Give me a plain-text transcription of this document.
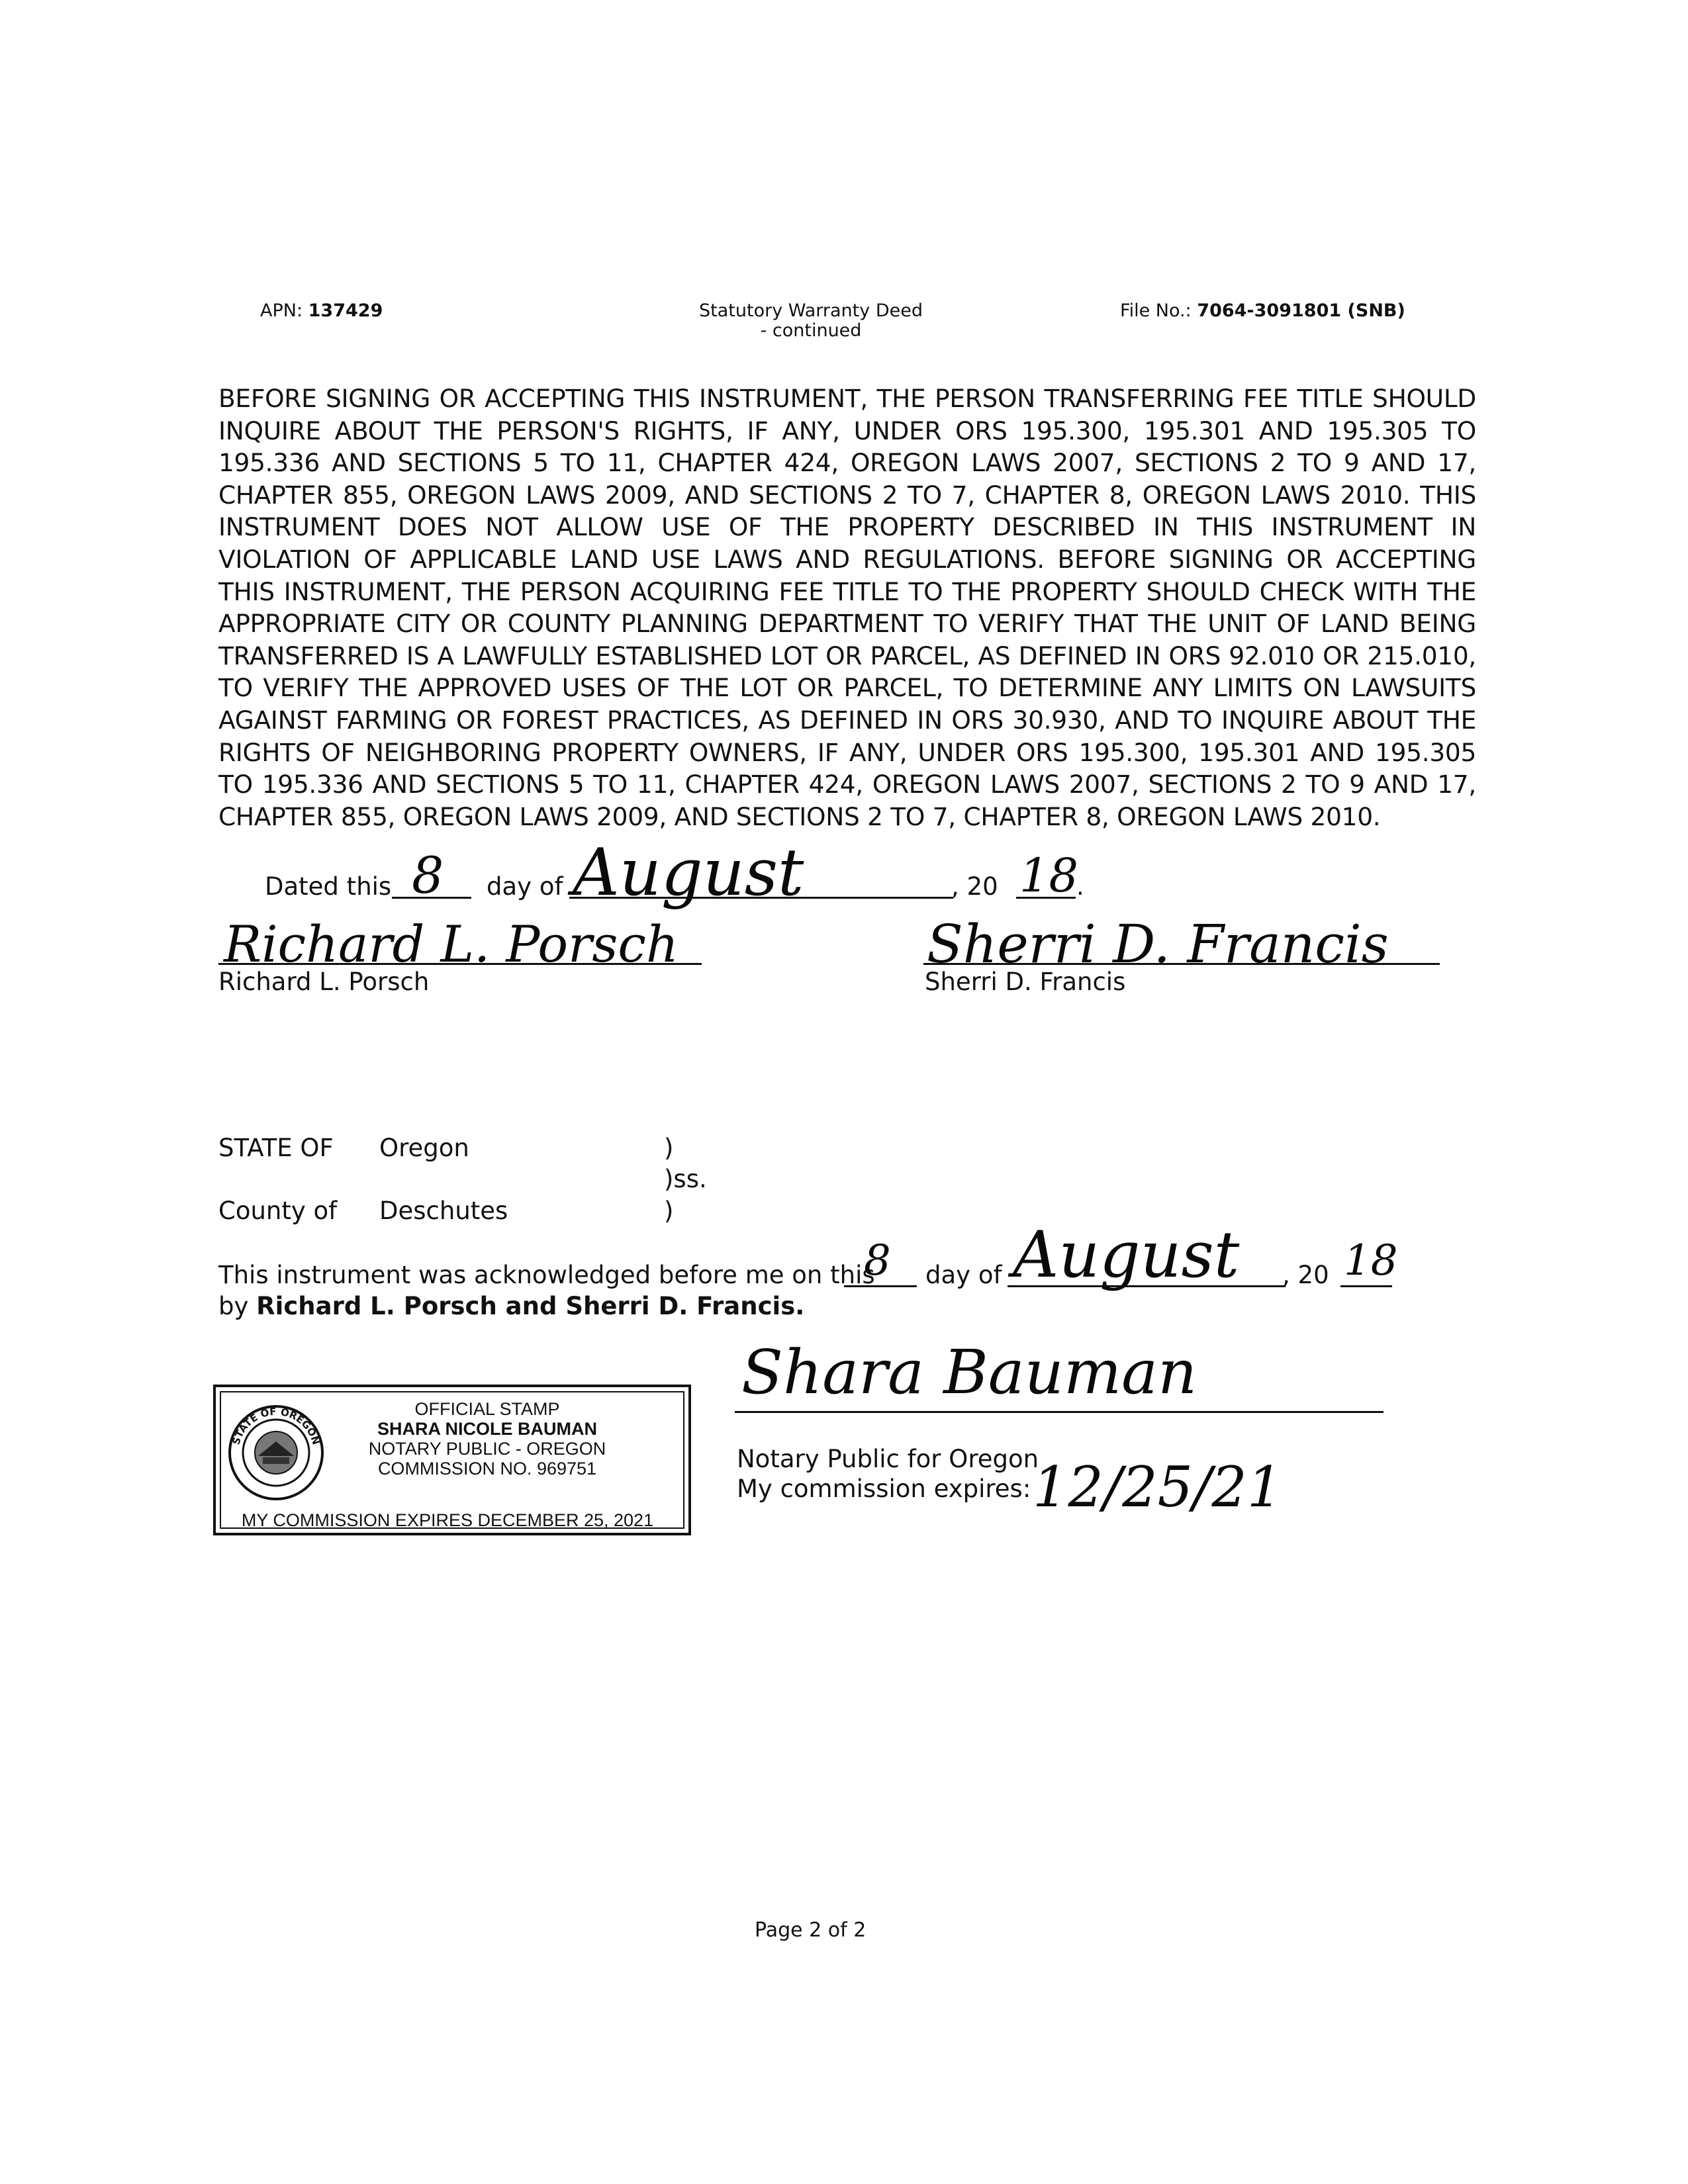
APN: 137429	Statutory Warranty Deed
- continued
File No.: 7064-3091801 (SNB)
BEFORE SIGNING OR ACCEPTING THIS INSTRUMENT, THE PERSON TRANSFERRING FEE TITLE SHOULD
INQUIRE ABOUT THE PERSON'S RIGHTS, IF ANY, UNDER ORS 195.300, 195.301 AND 195.305 TO
195.336 AND SECTIONS 5 TO 11, CHAPTER 424, OREGON LAWS 2007, SECTIONS 2 TO 9 AND 17,
CHAPTER 855, OREGON LAWS 2009, AND SECTIONS 2 TO 7, CHAPTER 8, OREGON LAWS 2010. THIS
INSTRUMENT DOES NOT ALLOW USE OF THE PROPERTY DESCRIBED IN THIS INSTRUMENT IN
VIOLATION OF APPLICABLE LAND USE LAWS AND REGULATIONS. BEFORE SIGNING OR ACCEPTING
THIS INSTRUMENT, THE PERSON ACQUIRING FEE TITLE TO THE PROPERTY SHOULD CHECK WITH THE
APPROPRIATE CITY OR COUNTY PLANNING DEPARTMENT TO VERIFY THAT THE UNIT OF LAND BEING
TRANSFERRED IS A LAWFULLY ESTABLISHED LOT OR PARCEL, AS DEFINED IN ORS 92.010 OR 215.010,
TO VERIFY THE APPROVED USES OF THE LOT OR PARCEL, TO DETERMINE ANY LIMITS ON LAWSUITS
AGAINST FARMING OR FOREST PRACTICES, AS DEFINED IN ORS 30.930, AND TO INQUIRE ABOUT THE
RIGHTS OF NEIGHBORING PROPERTY OWNERS, IF ANY, UNDER ORS 195.300, 195.301 AND 195.305
TO 195.336 AND SECTIONS 5 TO 11, CHAPTER 424, OREGON LAWS 2007, SECTIONS 2 TO 9 AND 17,
CHAPTER 855, OREGON LAWS 2009, AND SECTIONS 2 TO 7, CHAPTER 8, OREGON LAWS 2010.
Dated this 8 day of August	, 20 18
.
Richard L. Porsch
Richard L. Porsch
Sherri D. Francis
Sherri D. Francis
STATE OF Oregon	)
)ss.
County of Deschutes	)
This instrument was acknowledged before me on this
8 day of August , 20 18
by Richard L. Porsch and Sherri D. Francis.
STATE OF OREGON
OFFICIAL STAMP
SHARA NICOLE BAUMAN
NOTARY PUBLIC - OREGON
COMMISSION NO. 969751
MY COMMISSION EXPIRES DECEMBER 25, 2021
Shara Bauman
Notary Public for Oregon
My commission expires: 12/25/21
Page 2 of 2
